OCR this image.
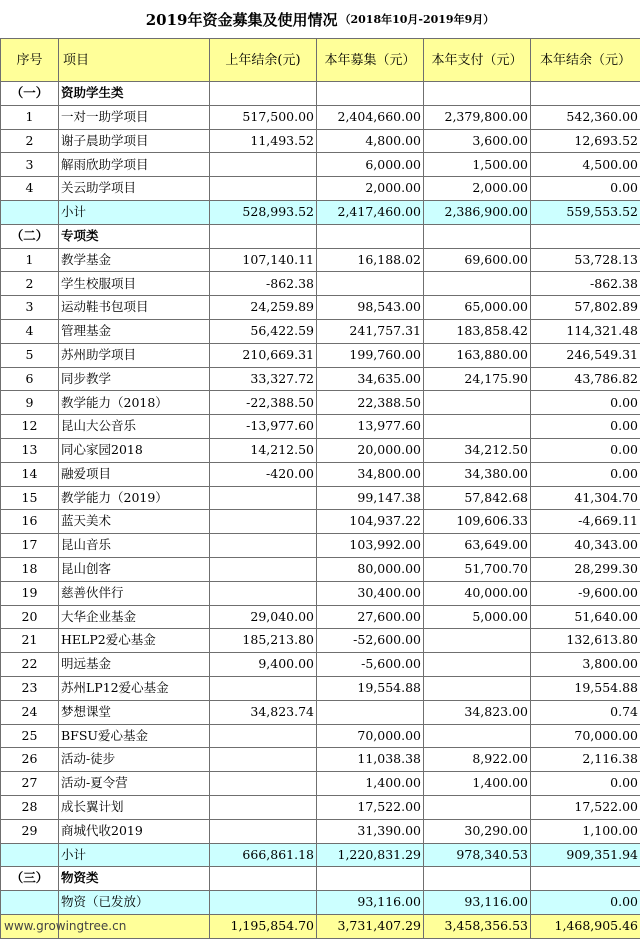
2019年资金募集及使用情况 （2018年10月-2019年9月）
序号	项目	上年结余(元)	本年募集（元）	本年支付（元）	本年结余（元）
（一）	资助学生类				
1	一对一助学项目	517,500.00	2,404,660.00	2,379,800.00	542,360.00
2	谢子晨助学项目	11,493.52	4,800.00	3,600.00	12,693.52
3	解雨欣助学项目		6,000.00	1,500.00	4,500.00
4	关云助学项目		2,000.00	2,000.00	0.00
	小计	528,993.52	2,417,460.00	2,386,900.00	559,553.52
（二）	专项类				
1	教学基金	107,140.11	16,188.02	69,600.00	53,728.13
2	学生校服项目	-862.38			-862.38
3	运动鞋书包项目	24,259.89	98,543.00	65,000.00	57,802.89
4	管理基金	56,422.59	241,757.31	183,858.42	114,321.48
5	苏州助学项目	210,669.31	199,760.00	163,880.00	246,549.31
6	同步教学	33,327.72	34,635.00	24,175.90	43,786.82
9	教学能力（2018）	-22,388.50	22,388.50		0.00
12	昆山大公音乐	-13,977.60	13,977.60		0.00
13	同心家园2018	14,212.50	20,000.00	34,212.50	0.00
14	融爱项目	-420.00	34,800.00	34,380.00	0.00
15	教学能力（2019）		99,147.38	57,842.68	41,304.70
16	蓝天美术		104,937.22	109,606.33	-4,669.11
17	昆山音乐		103,992.00	63,649.00	40,343.00
18	昆山创客		80,000.00	51,700.70	28,299.30
19	慈善伙伴行		30,400.00	40,000.00	-9,600.00
20	大华企业基金	29,040.00	27,600.00	5,000.00	51,640.00
21	HELP2爱心基金	185,213.80	-52,600.00		132,613.80
22	明远基金	9,400.00	-5,600.00		3,800.00
23	苏州LP12爱心基金		19,554.88		19,554.88
24	梦想课堂	34,823.74		34,823.00	0.74
25	BFSU爱心基金		70,000.00		70,000.00
26	活动-徒步		11,038.38	8,922.00	2,116.38
27	活动-夏令营		1,400.00	1,400.00	0.00
28	成长翼计划		17,522.00		17,522.00
29	商城代收2019		31,390.00	30,290.00	1,100.00
	小计	666,861.18	1,220,831.29	978,340.53	909,351.94
（三）	物资类				
	物资（已发放）		93,116.00	93,116.00	0.00
		1,195,854.70	3,731,407.29	3,458,356.53	1,468,905.46
www.growingtree.cn
